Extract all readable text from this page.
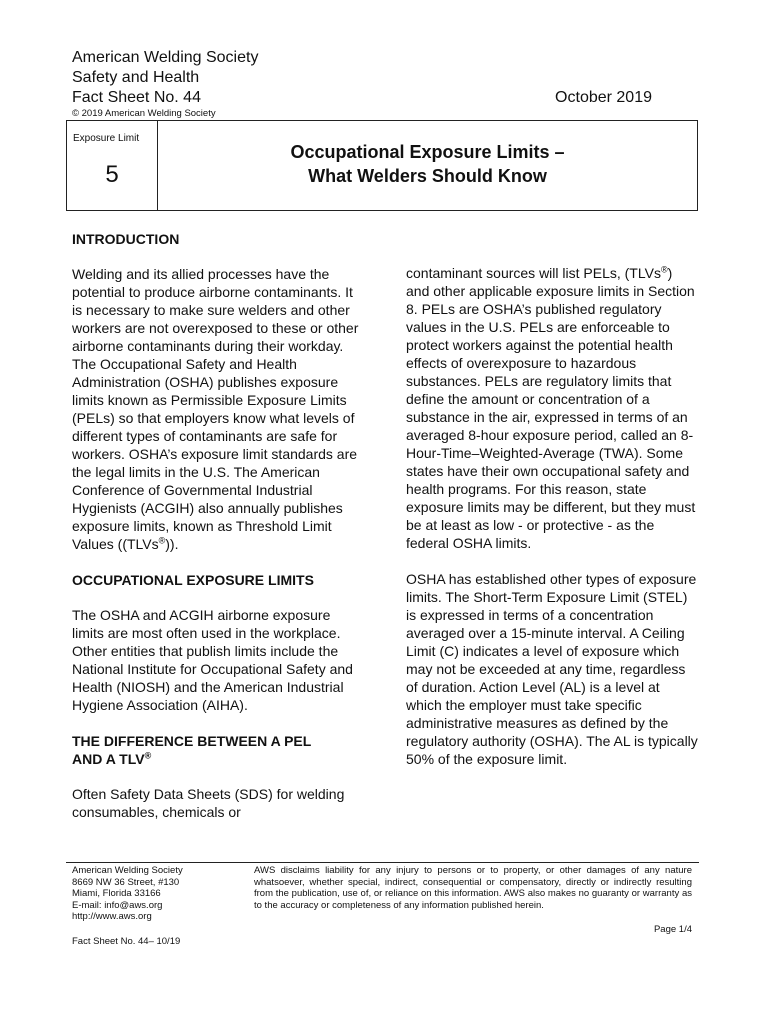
American Welding Society
Safety and Health
Fact Sheet No. 44	October 2019
© 2019 American Welding Society
Exposure Limit
5
Occupational Exposure Limits –
What Welders Should Know
INTRODUCTION

Welding and its allied processes have the potential to produce airborne contaminants. It is necessary to make sure welders and other workers are not overexposed to these or other airborne contaminants during their workday. The Occupational Safety and Health Administration (OSHA) publishes exposure limits known as Permissible Exposure Limits (PELs) so that employers know what levels of different types of contaminants are safe for workers. OSHA’s exposure limit standards are the legal limits in the U.S. The American Conference of Governmental Industrial Hygienists (ACGIH) also annually publishes exposure limits, known as Threshold Limit Values ((TLVs®)).

OCCUPATIONAL EXPOSURE LIMITS

The OSHA and ACGIH airborne exposure limits are most often used in the workplace. Other entities that publish limits include the National Institute for Occupational Safety and Health (NIOSH) and the American Industrial Hygiene Association (AIHA).

THE DIFFERENCE BETWEEN A PEL
AND A TLV®

Often Safety Data Sheets (SDS) for welding consumables, chemicals or

contaminant sources will list PELs, (TLVs®) and other applicable exposure limits in Section 8. PELs are OSHA’s published regulatory values in the U.S. PELs are enforceable to protect workers against the potential health effects of overexposure to hazardous substances. PELs are regulatory limits that define the amount or concentration of a substance in the air, expressed in terms of an averaged 8-hour exposure period, called an 8-Hour-Time–Weighted-Average (TWA). Some states have their own occupational safety and health programs. For this reason, state exposure limits may be different, but they must be at least as low - or protective - as the federal OSHA limits.

OSHA has established other types of exposure limits. The Short-Term Exposure Limit (STEL) is expressed in terms of a concentration averaged over a 15-minute interval. A Ceiling Limit (C) indicates a level of exposure which may not be exceeded at any time, regardless of duration. Action Level (AL) is a level at which the employer must take specific administrative measures as defined by the regulatory authority (OSHA). The AL is typically 50% of the exposure limit.

American Welding Society
8669 NW 36 Street, #130
Miami, Florida 33166
E-mail: info@aws.org
http://www.aws.org
AWS disclaims liability for any injury to persons or to property, or other damages of any nature whatsoever, whether special, indirect, consequential or compensatory, directly or indirectly resulting from the publication, use of, or reliance on this information. AWS also makes no guaranty or warranty as to the accuracy or completeness of any information published herein.
Page 1/4
Fact Sheet No. 44– 10/19
